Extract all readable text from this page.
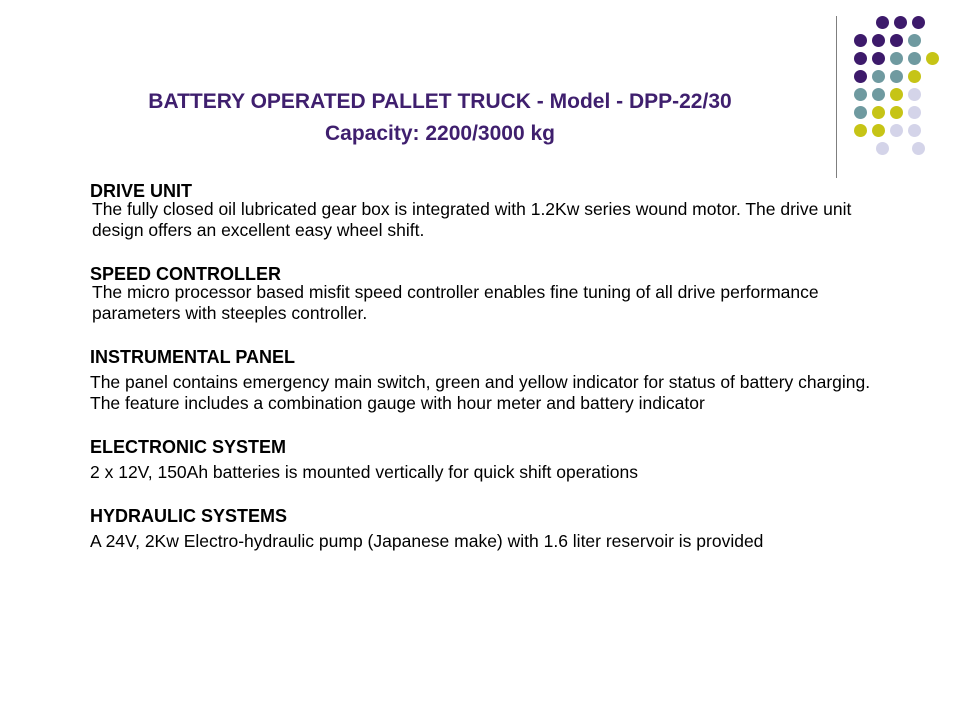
BATTERY OPERATED PALLET TRUCK - Model - DPP-22/30
Capacity: 2200/3000 kg
DRIVE UNIT
The fully closed oil lubricated gear box is integrated with 1.2Kw series wound motor. The drive unit design offers an excellent easy wheel shift.
SPEED CONTROLLER
The micro processor based misfit speed controller enables fine tuning of all drive performance parameters with steeples controller.
INSTRUMENTAL PANEL
The panel contains emergency main switch, green and yellow indicator for status of battery charging. The feature includes a combination gauge with hour meter and battery indicator
ELECTRONIC SYSTEM
2 x 12V, 150Ah batteries is mounted vertically for quick shift operations
HYDRAULIC SYSTEMS
A 24V, 2Kw Electro-hydraulic pump (Japanese make) with 1.6 liter reservoir is provided
